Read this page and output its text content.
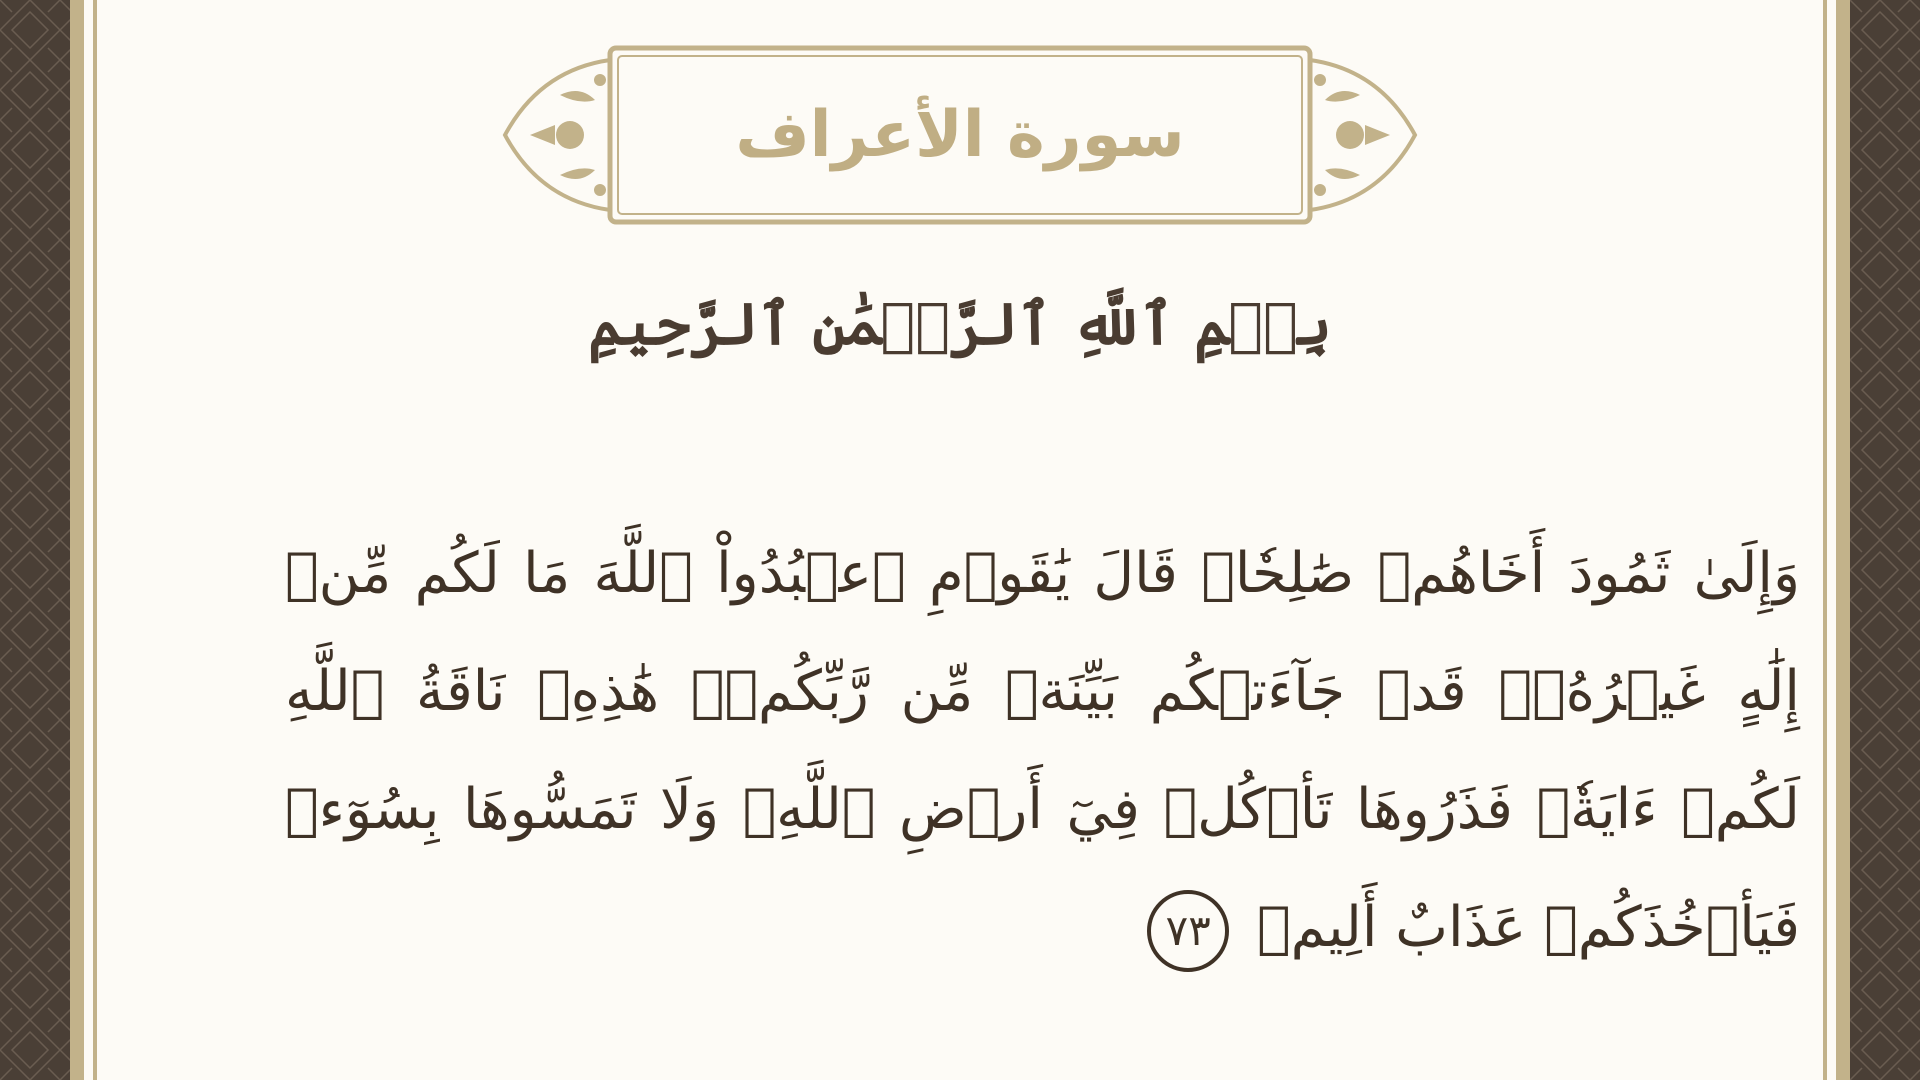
سورة الأعراف
بِسۡمِ ٱللَّهِ ٱلرَّحۡمَٰنِ ٱلرَّحِيمِ
وَإِلَىٰ ثَمُودَ أَخَاهُمۡ صَٰلِحٗاۗ قَالَ يَٰقَوۡمِ ٱعۡبُدُواْ ٱللَّهَ مَا لَكُم مِّنۡ إِلَٰهٍ غَيۡرُهُۥۖ قَدۡ جَآءَتۡكُم بَيِّنَةٞ مِّن رَّبِّكُمۡۖ هَٰذِهِۦ نَاقَةُ ٱللَّهِ لَكُمۡ ءَايَةٗۖ فَذَرُوهَا تَأۡكُلۡ فِيٓ أَرۡضِ ٱللَّهِۖ وَلَا تَمَسُّوهَا بِسُوٓءٖ فَيَأۡخُذَكُمۡ عَذَابٌ أَلِيمٞ
٧٣
